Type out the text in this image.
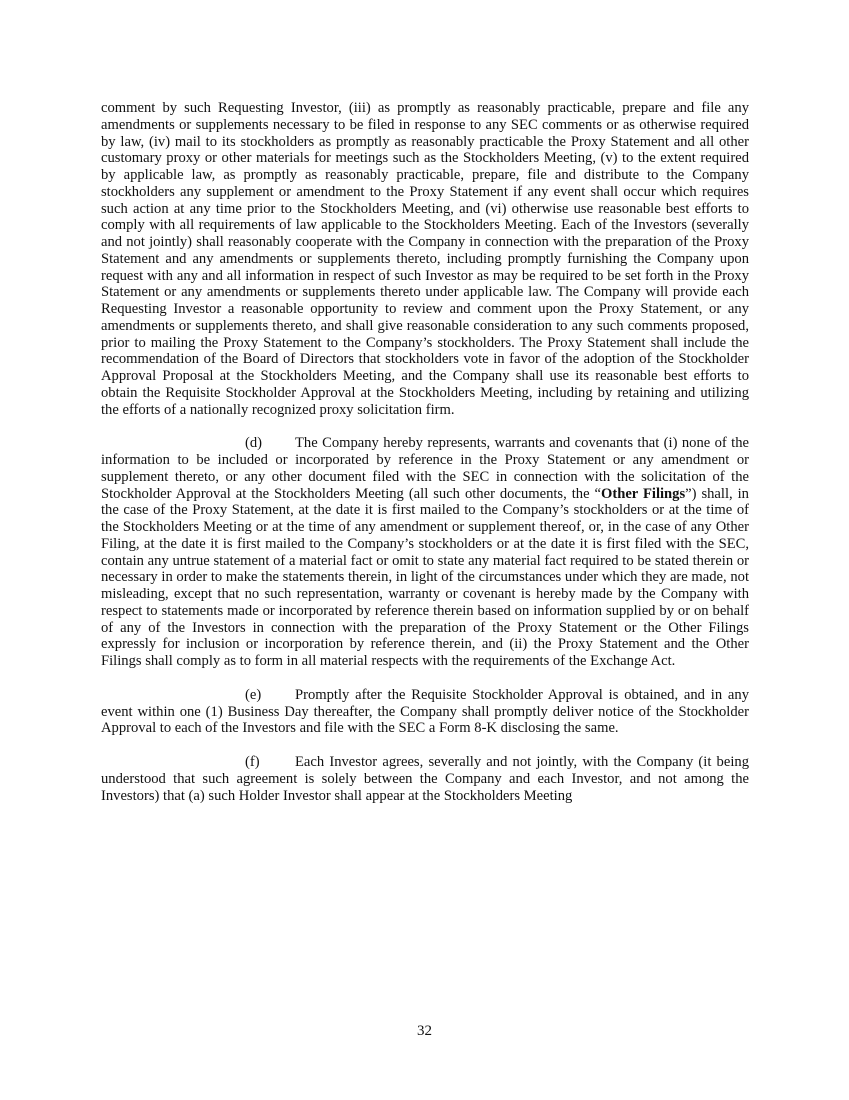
comment by such Requesting Investor, (iii) as promptly as reasonably practicable, prepare and file any amendments or supplements necessary to be filed in response to any SEC comments or as otherwise required by law, (iv) mail to its stockholders as promptly as reasonably practicable the Proxy Statement and all other customary proxy or other materials for meetings such as the Stockholders Meeting, (v) to the extent required by applicable law, as promptly as reasonably practicable, prepare, file and distribute to the Company stockholders any supplement or amendment to the Proxy Statement if any event shall occur which requires such action at any time prior to the Stockholders Meeting, and (vi) otherwise use reasonable best efforts to comply with all requirements of law applicable to the Stockholders Meeting. Each of the Investors (severally and not jointly) shall reasonably cooperate with the Company in connection with the preparation of the Proxy Statement and any amendments or supplements thereto, including promptly furnishing the Company upon request with any and all information in respect of such Investor as may be required to be set forth in the Proxy Statement or any amendments or supplements thereto under applicable law. The Company will provide each Requesting Investor a reasonable opportunity to review and comment upon the Proxy Statement, or any amendments or supplements thereto, and shall give reasonable consideration to any such comments proposed, prior to mailing the Proxy Statement to the Company’s stockholders. The Proxy Statement shall include the recommendation of the Board of Directors that stockholders vote in favor of the adoption of the Stockholder Approval Proposal at the Stockholders Meeting, and the Company shall use its reasonable best efforts to obtain the Requisite Stockholder Approval at the Stockholders Meeting, including by retaining and utilizing the efforts of a nationally recognized proxy solicitation firm.

(d) The Company hereby represents, warrants and covenants that (i) none of the information to be included or incorporated by reference in the Proxy Statement or any amendment or supplement thereto, or any other document filed with the SEC in connection with the solicitation of the Stockholder Approval at the Stockholders Meeting (all such other documents, the “Other Filings”) shall, in the case of the Proxy Statement, at the date it is first mailed to the Company’s stockholders or at the time of the Stockholders Meeting or at the time of any amendment or supplement thereof, or, in the case of any Other Filing, at the date it is first mailed to the Company’s stockholders or at the date it is first filed with the SEC, contain any untrue statement of a material fact or omit to state any material fact required to be stated therein or necessary in order to make the statements therein, in light of the circumstances under which they are made, not misleading, except that no such representation, warranty or covenant is hereby made by the Company with respect to statements made or incorporated by reference therein based on information supplied by or on behalf of any of the Investors in connection with the preparation of the Proxy Statement or the Other Filings expressly for inclusion or incorporation by reference therein, and (ii) the Proxy Statement and the Other Filings shall comply as to form in all material respects with the requirements of the Exchange Act.

(e) Promptly after the Requisite Stockholder Approval is obtained, and in any event within one (1) Business Day thereafter, the Company shall promptly deliver notice of the Stockholder Approval to each of the Investors and file with the SEC a Form 8-K disclosing the same.

(f) Each Investor agrees, severally and not jointly, with the Company (it being understood that such agreement is solely between the Company and each Investor, and not among the Investors) that (a) such Holder Investor shall appear at the Stockholders Meeting

32
